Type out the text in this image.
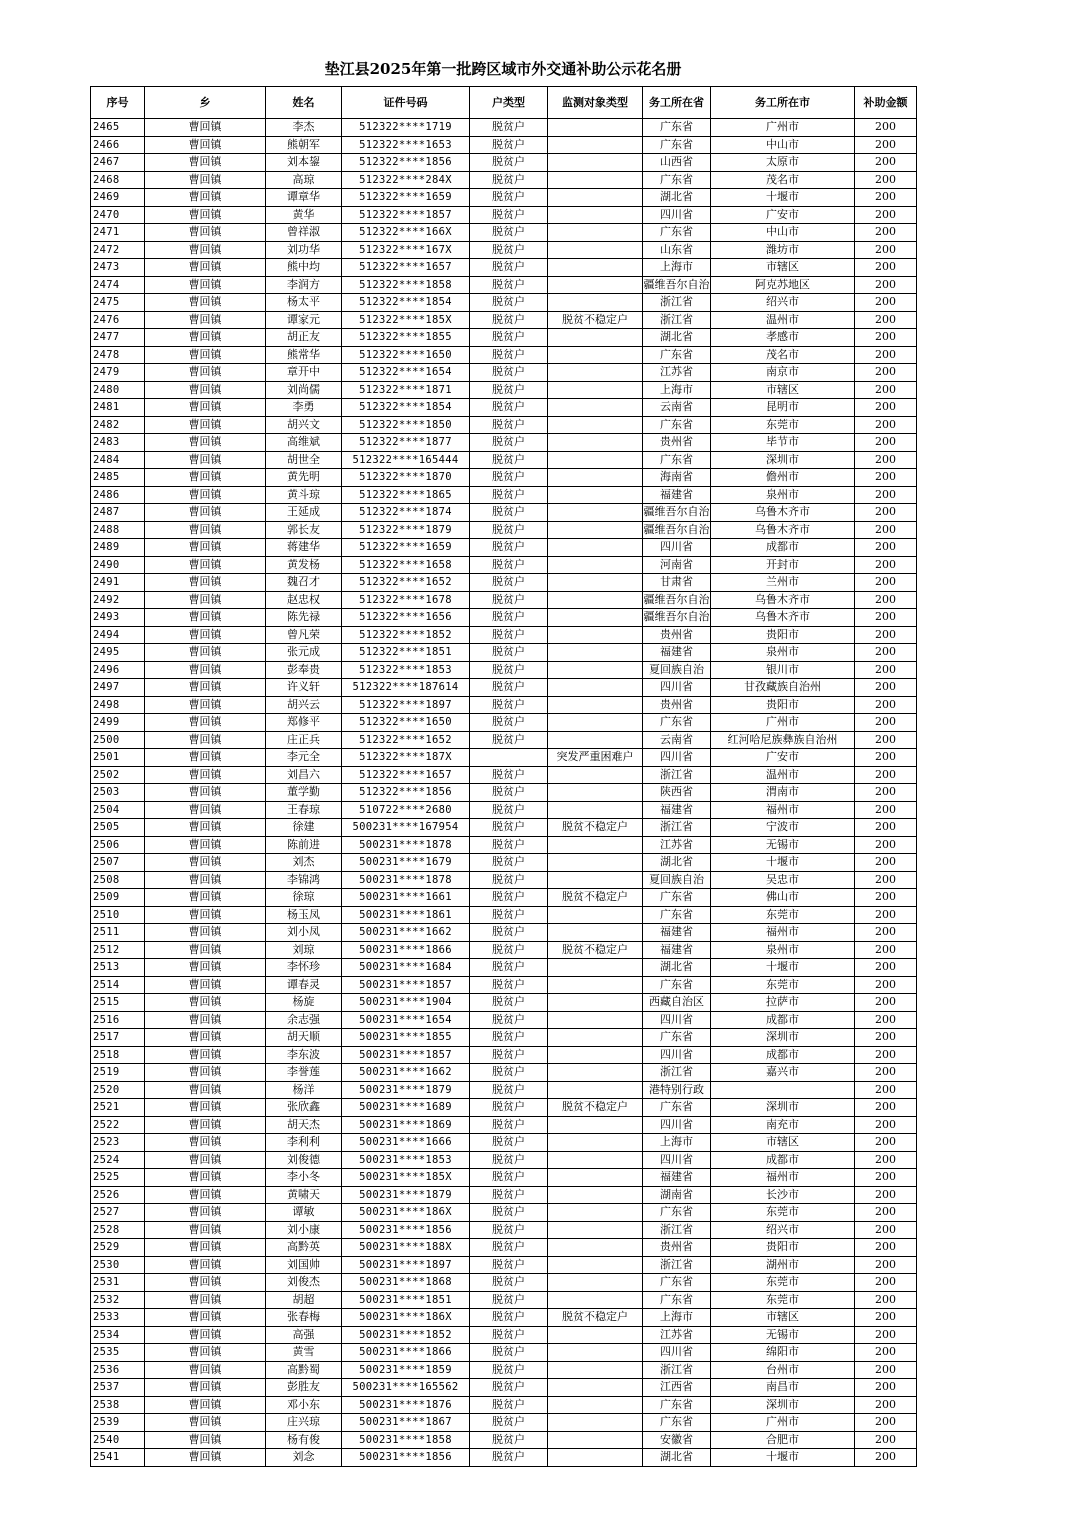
垫江县2025年第一批跨区域市外交通补助公示花名册
序号	乡	姓名	证件号码	户类型	监测对象类型	务工所在省	务工所在市	补助金额
2465	曹回镇	李杰	512322****1719	脱贫户		广东省	广州市	200
2466	曹回镇	熊朝军	512322****1653	脱贫户		广东省	中山市	200
2467	曹回镇	刘本鋆	512322****1856	脱贫户		山西省	太原市	200
2468	曹回镇	高琼	512322****284X	脱贫户		广东省	茂名市	200
2469	曹回镇	谭章华	512322****1659	脱贫户		湖北省	十堰市	200
2470	曹回镇	黄华	512322****1857	脱贫户		四川省	广安市	200
2471	曹回镇	曾祥淑	512322****166X	脱贫户		广东省	中山市	200
2472	曹回镇	刘功华	512322****167X	脱贫户		山东省	潍坊市	200
2473	曹回镇	熊中均	512322****1657	脱贫户		上海市	市辖区	200
2474	曹回镇	李润方	512322****1858	脱贫户		疆维吾尔自治	阿克苏地区	200
2475	曹回镇	杨太平	512322****1854	脱贫户		浙江省	绍兴市	200
2476	曹回镇	谭家元	512322****185X	脱贫户	脱贫不稳定户	浙江省	温州市	200
2477	曹回镇	胡正友	512322****1855	脱贫户		湖北省	孝感市	200
2478	曹回镇	熊常华	512322****1650	脱贫户		广东省	茂名市	200
2479	曹回镇	章开中	512322****1654	脱贫户		江苏省	南京市	200
2480	曹回镇	刘尚儒	512322****1871	脱贫户		上海市	市辖区	200
2481	曹回镇	李勇	512322****1854	脱贫户		云南省	昆明市	200
2482	曹回镇	胡兴文	512322****1850	脱贫户		广东省	东莞市	200
2483	曹回镇	高维斌	512322****1877	脱贫户		贵州省	毕节市	200
2484	曹回镇	胡世全	512322****165444	脱贫户		广东省	深圳市	200
2485	曹回镇	黄先明	512322****1870	脱贫户		海南省	儋州市	200
2486	曹回镇	黄斗琼	512322****1865	脱贫户		福建省	泉州市	200
2487	曹回镇	王延成	512322****1874	脱贫户		疆维吾尔自治	乌鲁木齐市	200
2488	曹回镇	郭长友	512322****1879	脱贫户		疆维吾尔自治	乌鲁木齐市	200
2489	曹回镇	蒋建华	512322****1659	脱贫户		四川省	成都市	200
2490	曹回镇	黄发杨	512322****1658	脱贫户		河南省	开封市	200
2491	曹回镇	魏召才	512322****1652	脱贫户		甘肃省	兰州市	200
2492	曹回镇	赵忠权	512322****1678	脱贫户		疆维吾尔自治	乌鲁木齐市	200
2493	曹回镇	陈先禄	512322****1656	脱贫户		疆维吾尔自治	乌鲁木齐市	200
2494	曹回镇	曾凡荣	512322****1852	脱贫户		贵州省	贵阳市	200
2495	曹回镇	张元成	512322****1851	脱贫户		福建省	泉州市	200
2496	曹回镇	彭奉贵	512322****1853	脱贫户		夏回族自治	银川市	200
2497	曹回镇	许义轩	512322****187614	脱贫户		四川省	甘孜藏族自治州	200
2498	曹回镇	胡兴云	512322****1897	脱贫户		贵州省	贵阳市	200
2499	曹回镇	郑修平	512322****1650	脱贫户		广东省	广州市	200
2500	曹回镇	庄正兵	512322****1652	脱贫户		云南省	红河哈尼族彝族自治州	200
2501	曹回镇	李元全	512322****187X		突发严重困难户	四川省	广安市	200
2502	曹回镇	刘昌六	512322****1657	脱贫户		浙江省	温州市	200
2503	曹回镇	董学勤	512322****1856	脱贫户		陕西省	渭南市	200
2504	曹回镇	王春琼	510722****2680	脱贫户		福建省	福州市	200
2505	曹回镇	徐建	500231****167954	脱贫户	脱贫不稳定户	浙江省	宁波市	200
2506	曹回镇	陈前进	500231****1878	脱贫户		江苏省	无锡市	200
2507	曹回镇	刘杰	500231****1679	脱贫户		湖北省	十堰市	200
2508	曹回镇	李锦鸿	500231****1878	脱贫户		夏回族自治	吴忠市	200
2509	曹回镇	徐琼	500231****1661	脱贫户	脱贫不稳定户	广东省	佛山市	200
2510	曹回镇	杨玉凤	500231****1861	脱贫户		广东省	东莞市	200
2511	曹回镇	刘小凤	500231****1662	脱贫户		福建省	福州市	200
2512	曹回镇	刘琼	500231****1866	脱贫户	脱贫不稳定户	福建省	泉州市	200
2513	曹回镇	李怀珍	500231****1684	脱贫户		湖北省	十堰市	200
2514	曹回镇	谭春灵	500231****1857	脱贫户		广东省	东莞市	200
2515	曹回镇	杨旋	500231****1904	脱贫户		西藏自治区	拉萨市	200
2516	曹回镇	余志强	500231****1654	脱贫户		四川省	成都市	200
2517	曹回镇	胡天顺	500231****1855	脱贫户		广东省	深圳市	200
2518	曹回镇	李东波	500231****1857	脱贫户		四川省	成都市	200
2519	曹回镇	李誉莲	500231****1662	脱贫户		浙江省	嘉兴市	200
2520	曹回镇	杨洋	500231****1879	脱贫户		港特别行政		200
2521	曹回镇	张欣鑫	500231****1689	脱贫户	脱贫不稳定户	广东省	深圳市	200
2522	曹回镇	胡天杰	500231****1869	脱贫户		四川省	南充市	200
2523	曹回镇	李利利	500231****1666	脱贫户		上海市	市辖区	200
2524	曹回镇	刘俊德	500231****1853	脱贫户		四川省	成都市	200
2525	曹回镇	李小冬	500231****185X	脱贫户		福建省	福州市	200
2526	曹回镇	黄啸天	500231****1879	脱贫户		湖南省	长沙市	200
2527	曹回镇	谭敏	500231****186X	脱贫户		广东省	东莞市	200
2528	曹回镇	刘小康	500231****1856	脱贫户		浙江省	绍兴市	200
2529	曹回镇	高黔英	500231****188X	脱贫户		贵州省	贵阳市	200
2530	曹回镇	刘国帅	500231****1897	脱贫户		浙江省	湖州市	200
2531	曹回镇	刘俊杰	500231****1868	脱贫户		广东省	东莞市	200
2532	曹回镇	胡超	500231****1851	脱贫户		广东省	东莞市	200
2533	曹回镇	张春梅	500231****186X	脱贫户	脱贫不稳定户	上海市	市辖区	200
2534	曹回镇	高强	500231****1852	脱贫户		江苏省	无锡市	200
2535	曹回镇	黄雪	500231****1866	脱贫户		四川省	绵阳市	200
2536	曹回镇	高黔蜀	500231****1859	脱贫户		浙江省	台州市	200
2537	曹回镇	彭胜友	500231****165562	脱贫户		江西省	南昌市	200
2538	曹回镇	邓小东	500231****1876	脱贫户		广东省	深圳市	200
2539	曹回镇	庄兴琼	500231****1867	脱贫户		广东省	广州市	200
2540	曹回镇	杨有俊	500231****1858	脱贫户		安徽省	合肥市	200
2541	曹回镇	刘念	500231****1856	脱贫户		湖北省	十堰市	200
